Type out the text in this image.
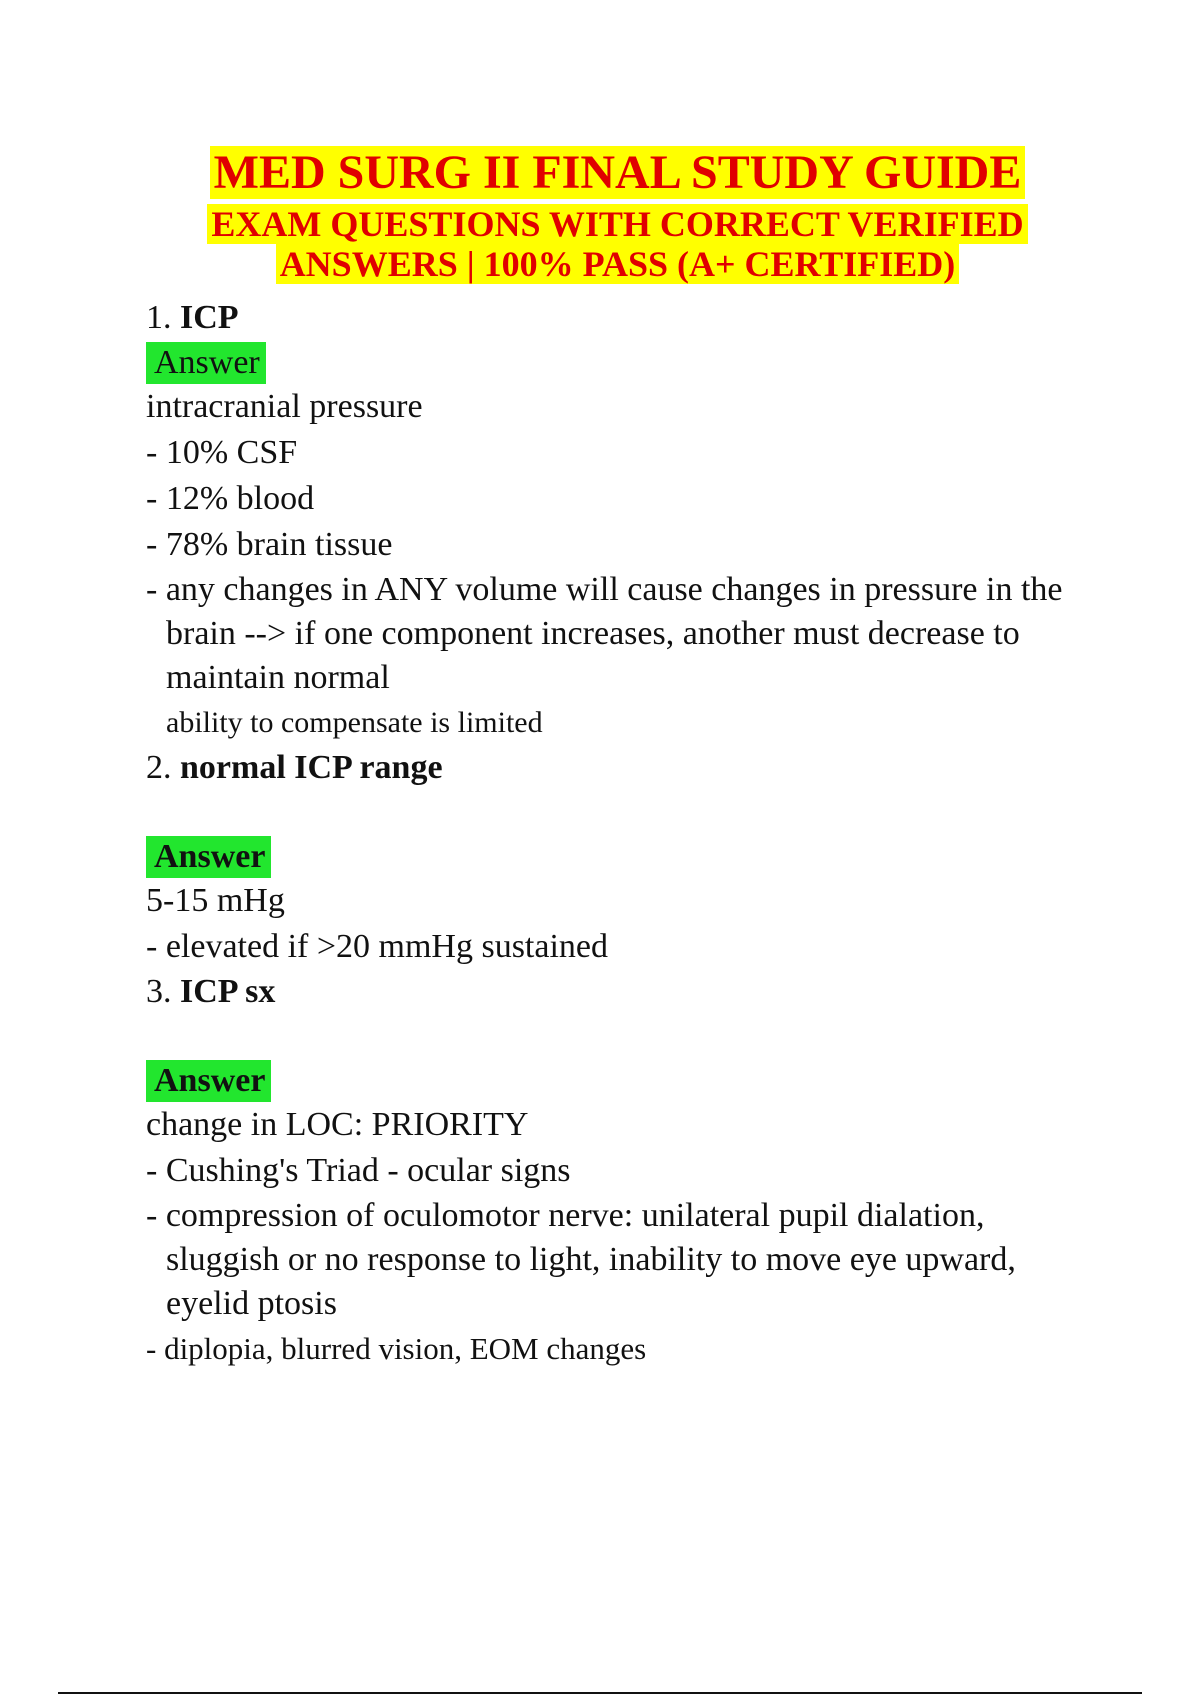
MED SURG II FINAL STUDY GUIDE
EXAM QUESTIONS WITH CORRECT VERIFIED
ANSWERS | 100% PASS (A+ CERTIFIED)

1. ICP

Answer

intracranial pressure

- 10% CSF

- 12% blood

- 78% brain tissue

- any changes in ANY volume will cause changes in pressure in the brain --> if one component increases, another must decrease to maintain normal

ability to compensate is limited

2. normal ICP range

Answer

5-15 mHg

- elevated if >20 mmHg sustained

3. ICP sx

Answer

change in LOC: PRIORITY

- Cushing's Triad - ocular signs

- compression of oculomotor nerve: unilateral pupil dialation, sluggish or no response to light, inability to move eye upward, eyelid ptosis

- diplopia, blurred vision, EOM changes
